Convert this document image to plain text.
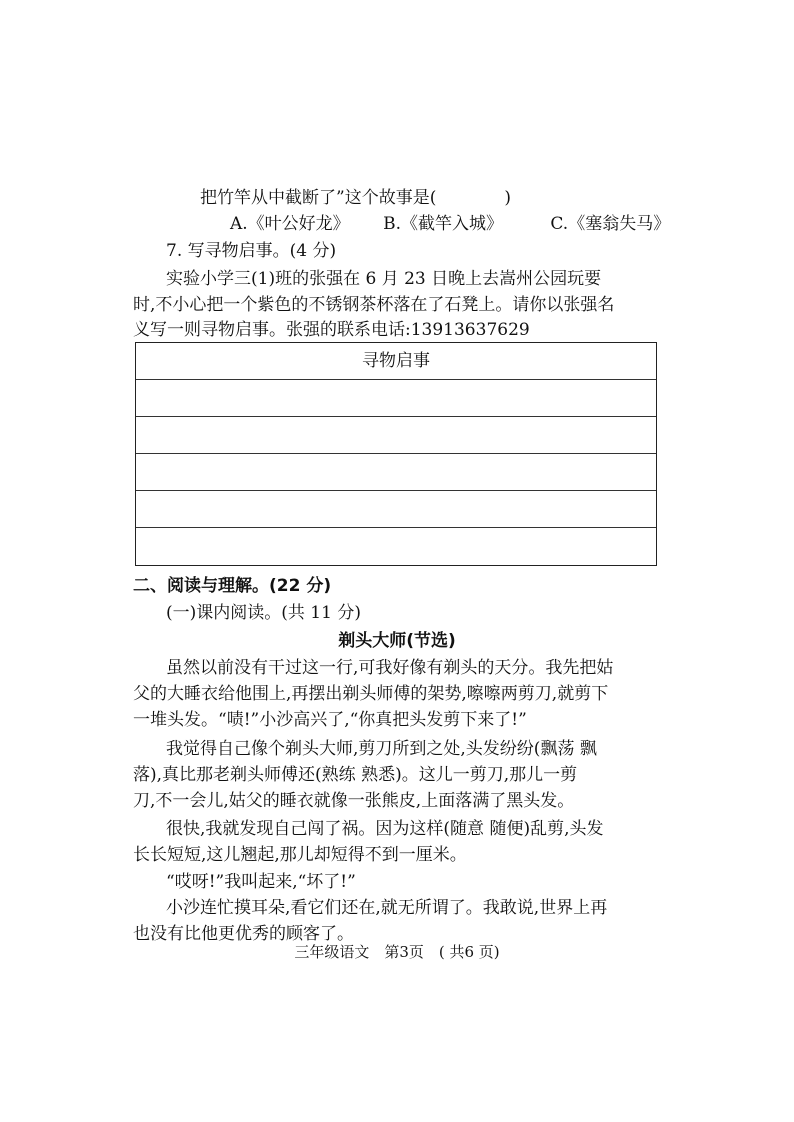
把竹竿从中截断了”这个故事是(　　　　)
A.《叶公好龙》 B.《截竿入城》	C.《塞翁失马》
7. 写寻物启事。(4 分)
实验小学三(1)班的张强在 6 月 23 日晚上去嵩州公园玩要
时,不小心把一个紫色的不锈钢茶杯落在了石凳上。请你以张强名
义写一则寻物启事。张强的联系电话:13913637629
寻物启事
二、阅读与理解。(22 分)
(一)课内阅读。(共 11 分)
剃头大师(节选)
虽然以前没有干过这一行,可我好像有剃头的天分。我先把姑
父的大睡衣给他围上,再摆出剃头师傅的架势,嚓嚓两剪刀,就剪下
一堆头发。“啧!”小沙高兴了,“你真把头发剪下来了!”
我觉得自己像个剃头大师,剪刀所到之处,头发纷纷(飘荡 飘
落),真比那老剃头师傅还(熟练 熟悉)。这儿一剪刀,那儿一剪
刀,不一会儿,姑父的睡衣就像一张熊皮,上面落满了黑头发。
很快,我就发现自己闯了祸。因为这样(随意 随便)乱剪,头发
长长短短,这儿翘起,那儿却短得不到一厘米。
“哎呀!”我叫起来,“坏了!”
小沙连忙摸耳朵,看它们还在,就无所谓了。我敢说,世界上再
也没有比他更优秀的顾客了。
三年级语文　第3页　( 共6 页)
